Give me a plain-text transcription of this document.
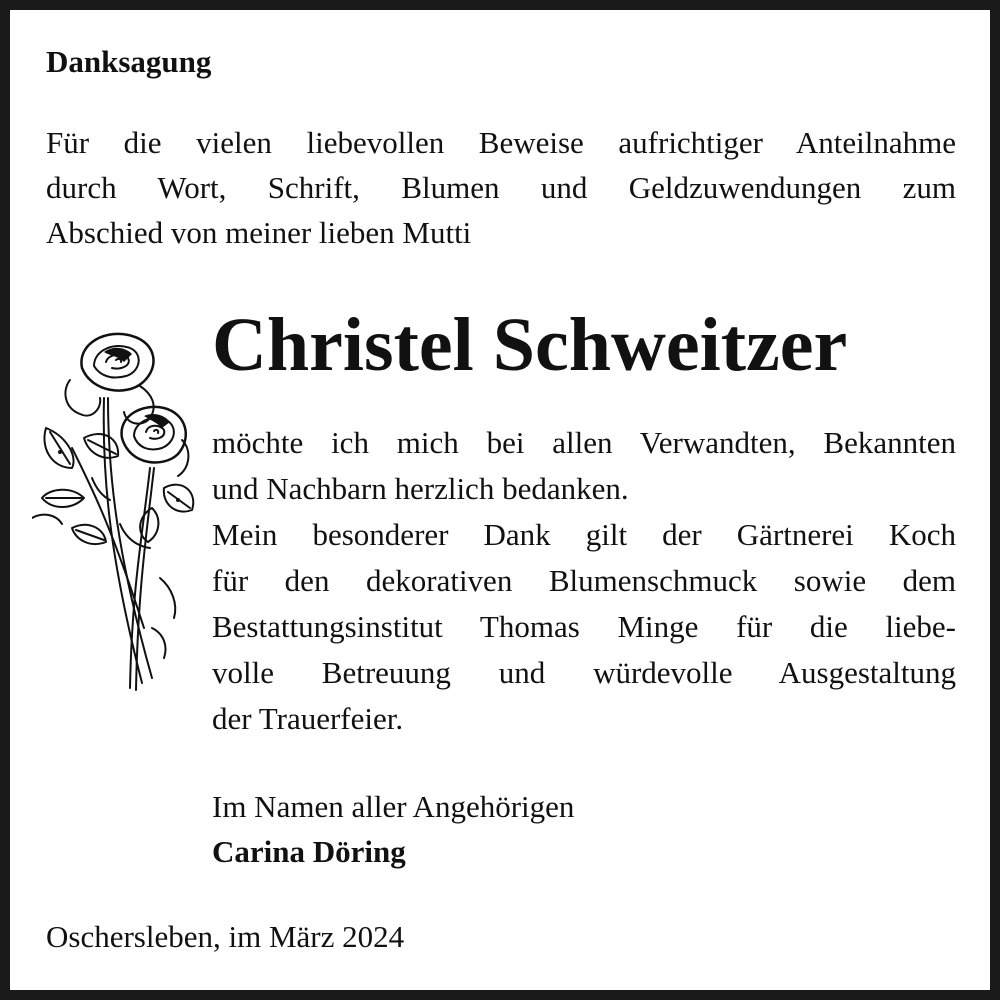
Danksagung
Für die vielen liebevollen Beweise aufrichtiger Anteilnahme
durch Wort, Schrift, Blumen und Geldzuwendungen zum
Abschied von meiner lieben Mutti
Christel Schweitzer
möchte ich mich bei allen Verwandten, Bekannten
und Nachbarn herzlich bedanken.
Mein besonderer Dank gilt der Gärtnerei Koch
für den dekorativen Blumenschmuck sowie dem
Bestattungsinstitut Thomas Minge für die liebe-
volle Betreuung und würdevolle Ausgestaltung
der Trauerfeier.
Im Namen aller Angehörigen
Carina Döring
Oschersleben, im März 2024
